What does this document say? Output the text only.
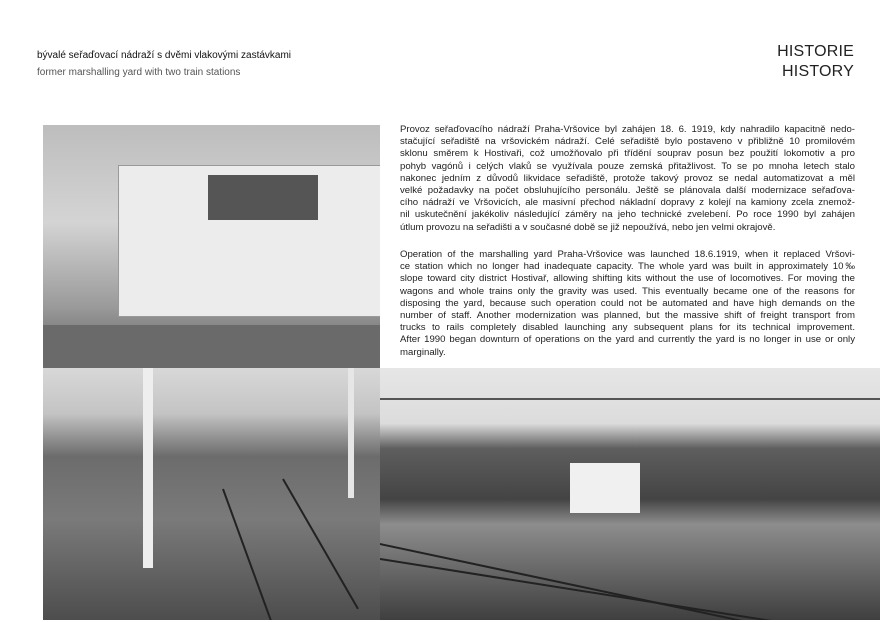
bývalé seřaďovací nádraží s dvěmi vlakovými zastávkami
former marshalling yard with two train stations
HISTORIE
HISTORY
Provoz seřaďovacího nádraží Praha-Vršovice byl zahájen 18. 6. 1919, kdy nahradilo kapacitně nedo-
stačující seřadiště na vršovickém nádraží. Celé seřadiště bylo postaveno v přibližně 10 promilovém
sklonu směrem k Hostivaři, což umožňovalo při třídění souprav posun bez použití lokomotiv a pro
pohyb vagónů i celých vlaků se využívala pouze zemská přitažlivost. To se po mnoha letech stalo
nakonec jedním z důvodů likvidace seřadiště, protože takový provoz se nedal automatizovat a měl
velké požadavky na počet obsluhujícího personálu. Ještě se plánovala další modernizace seřaďova-
cího nádraží ve Vršovicích, ale masivní přechod nákladní dopravy z kolejí na kamiony zcela znemož-
nil uskutečnění jakékoliv následující záměry na jeho technické zvelebení. Po roce 1990 byl zahájen
útlum provozu na seřadišti a v současné době se již nepoužívá, nebo jen velmi okrajově.
Operation of the marshalling yard Praha-Vršovice was launched 18.6.1919, when it replaced Vršovi-
ce station which no longer had inadequate capacity. The whole yard was built in approximately 10‰
slope toward city district Hostivař, allowing shifting kits without the use of locomotives. For moving the
wagons and whole trains only the gravity was used. This eventually became one of the reasons for
disposing the yard, because such operation could not be automated and have high demands on the
number of staff. Another modernization was planned, but the massive shift of freight transport from
trucks to rails completely disabled launching any subsequent plans for its technical improvement.
After 1990 began downturn of operations on the yard and currently the yard is no longer in use or only
marginally.
